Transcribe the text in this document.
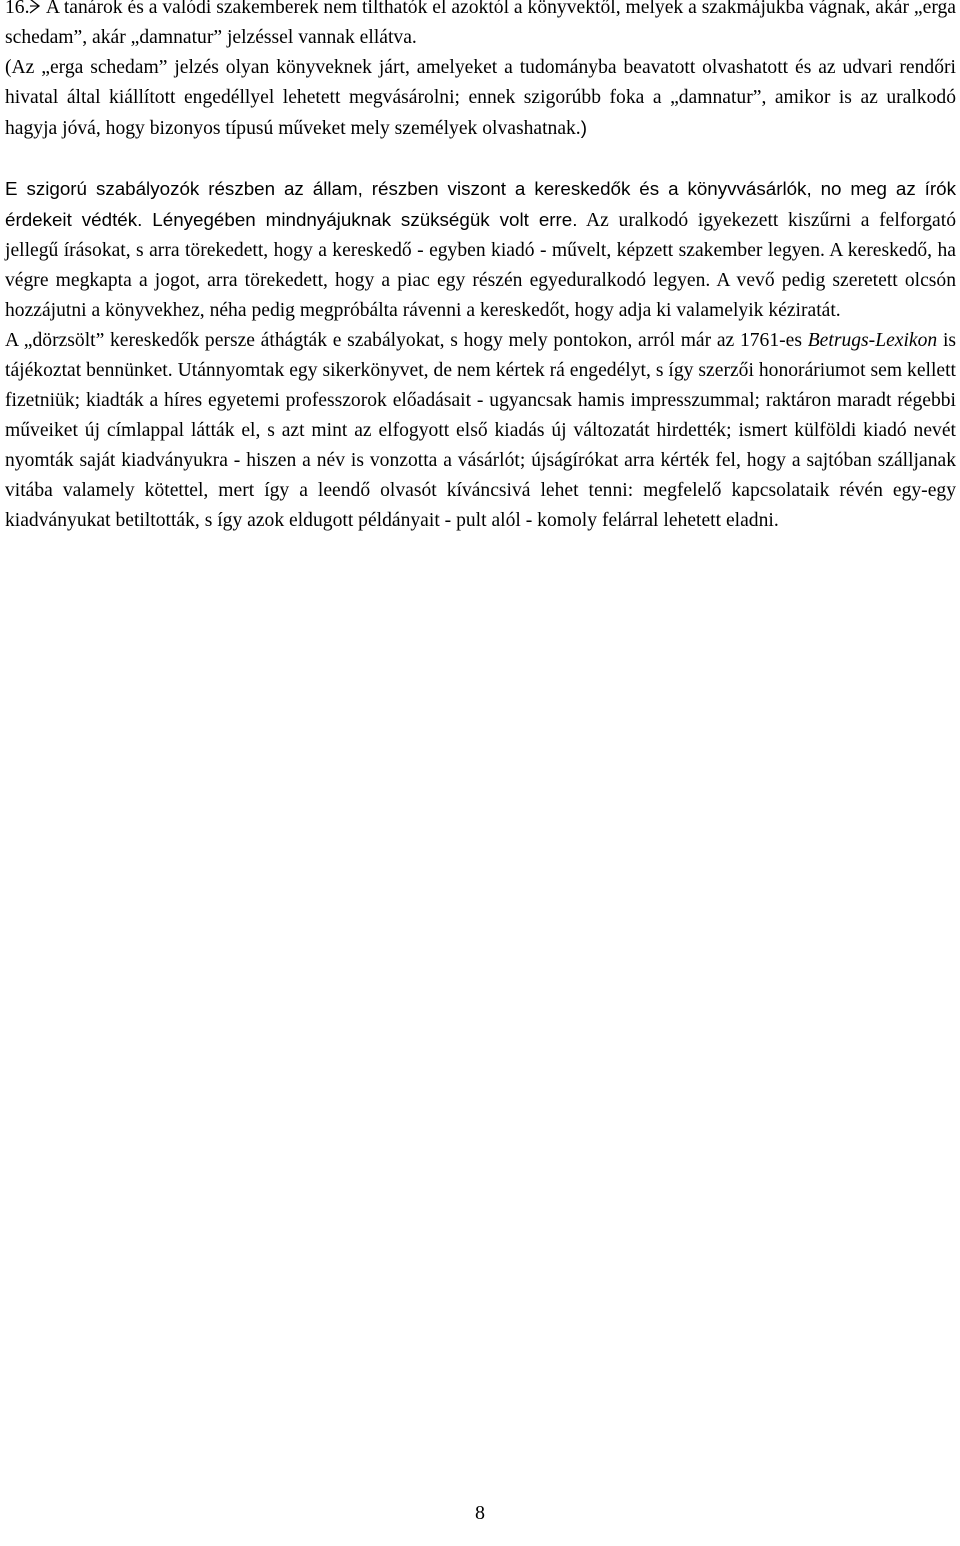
16. A tanárok és a valódi szakemberek nem tilthatók el azoktól a könyvektől, melyek a szakmájukba vágnak, akár „erga schedam”, akár „damnatur” jelzéssel vannak ellátva.

(Az „erga schedam” jelzés olyan könyveknek járt, amelyeket a tudományba beavatott olvashatott és az udvari rendőri hivatal által kiállított engedéllyel lehetett megvásárolni; ennek szigorúbb foka a „damnatur”, amikor is az uralkodó hagyja jóvá, hogy bizonyos típusú műveket mely személyek olvashatnak.)

E szigorú szabályozók részben az állam, részben viszont a kereskedők és a könyvvásárlók, no meg az írók érdekeit védték. Lényegében mindnyájuknak szükségük volt erre. Az uralkodó igyekezett kiszűrni a felforgató jellegű írásokat, s arra törekedett, hogy a kereskedő - egyben kiadó - művelt, képzett szakember legyen. A kereskedő, ha végre megkapta a jogot, arra törekedett, hogy a piac egy részén egyeduralkodó legyen. A vevő pedig szeretett olcsón hozzájutni a könyvekhez, néha pedig megpróbálta rávenni a kereskedőt, hogy adja ki valamelyik kéziratát.

A „dörzsölt” kereskedők persze áthágták e szabályokat, s hogy mely pontokon, arról már az 1761-es Betrugs-Lexikon is tájékoztat bennünket. Utánnyomtak egy sikerkönyvet, de nem kértek rá engedélyt, s így szerzői honoráriumot sem kellett fizetniük; kiadták a híres egyetemi professzorok előadásait - ugyancsak hamis impresszummal; raktáron maradt régebbi műveiket új címlappal látták el, s azt mint az elfogyott első kiadás új változatát hirdették; ismert külföldi kiadó nevét nyomták saját kiadványukra - hiszen a név is vonzotta a vásárlót; újságírókat arra kérték fel, hogy a sajtóban szálljanak vitába valamely kötettel, mert így a leendő olvasót kíváncsivá lehet tenni: megfelelő kapcsolataik révén egy-egy kiadványukat betiltották, s így azok eldugott példányait - pult alól - komoly felárral lehetett eladni.

8
